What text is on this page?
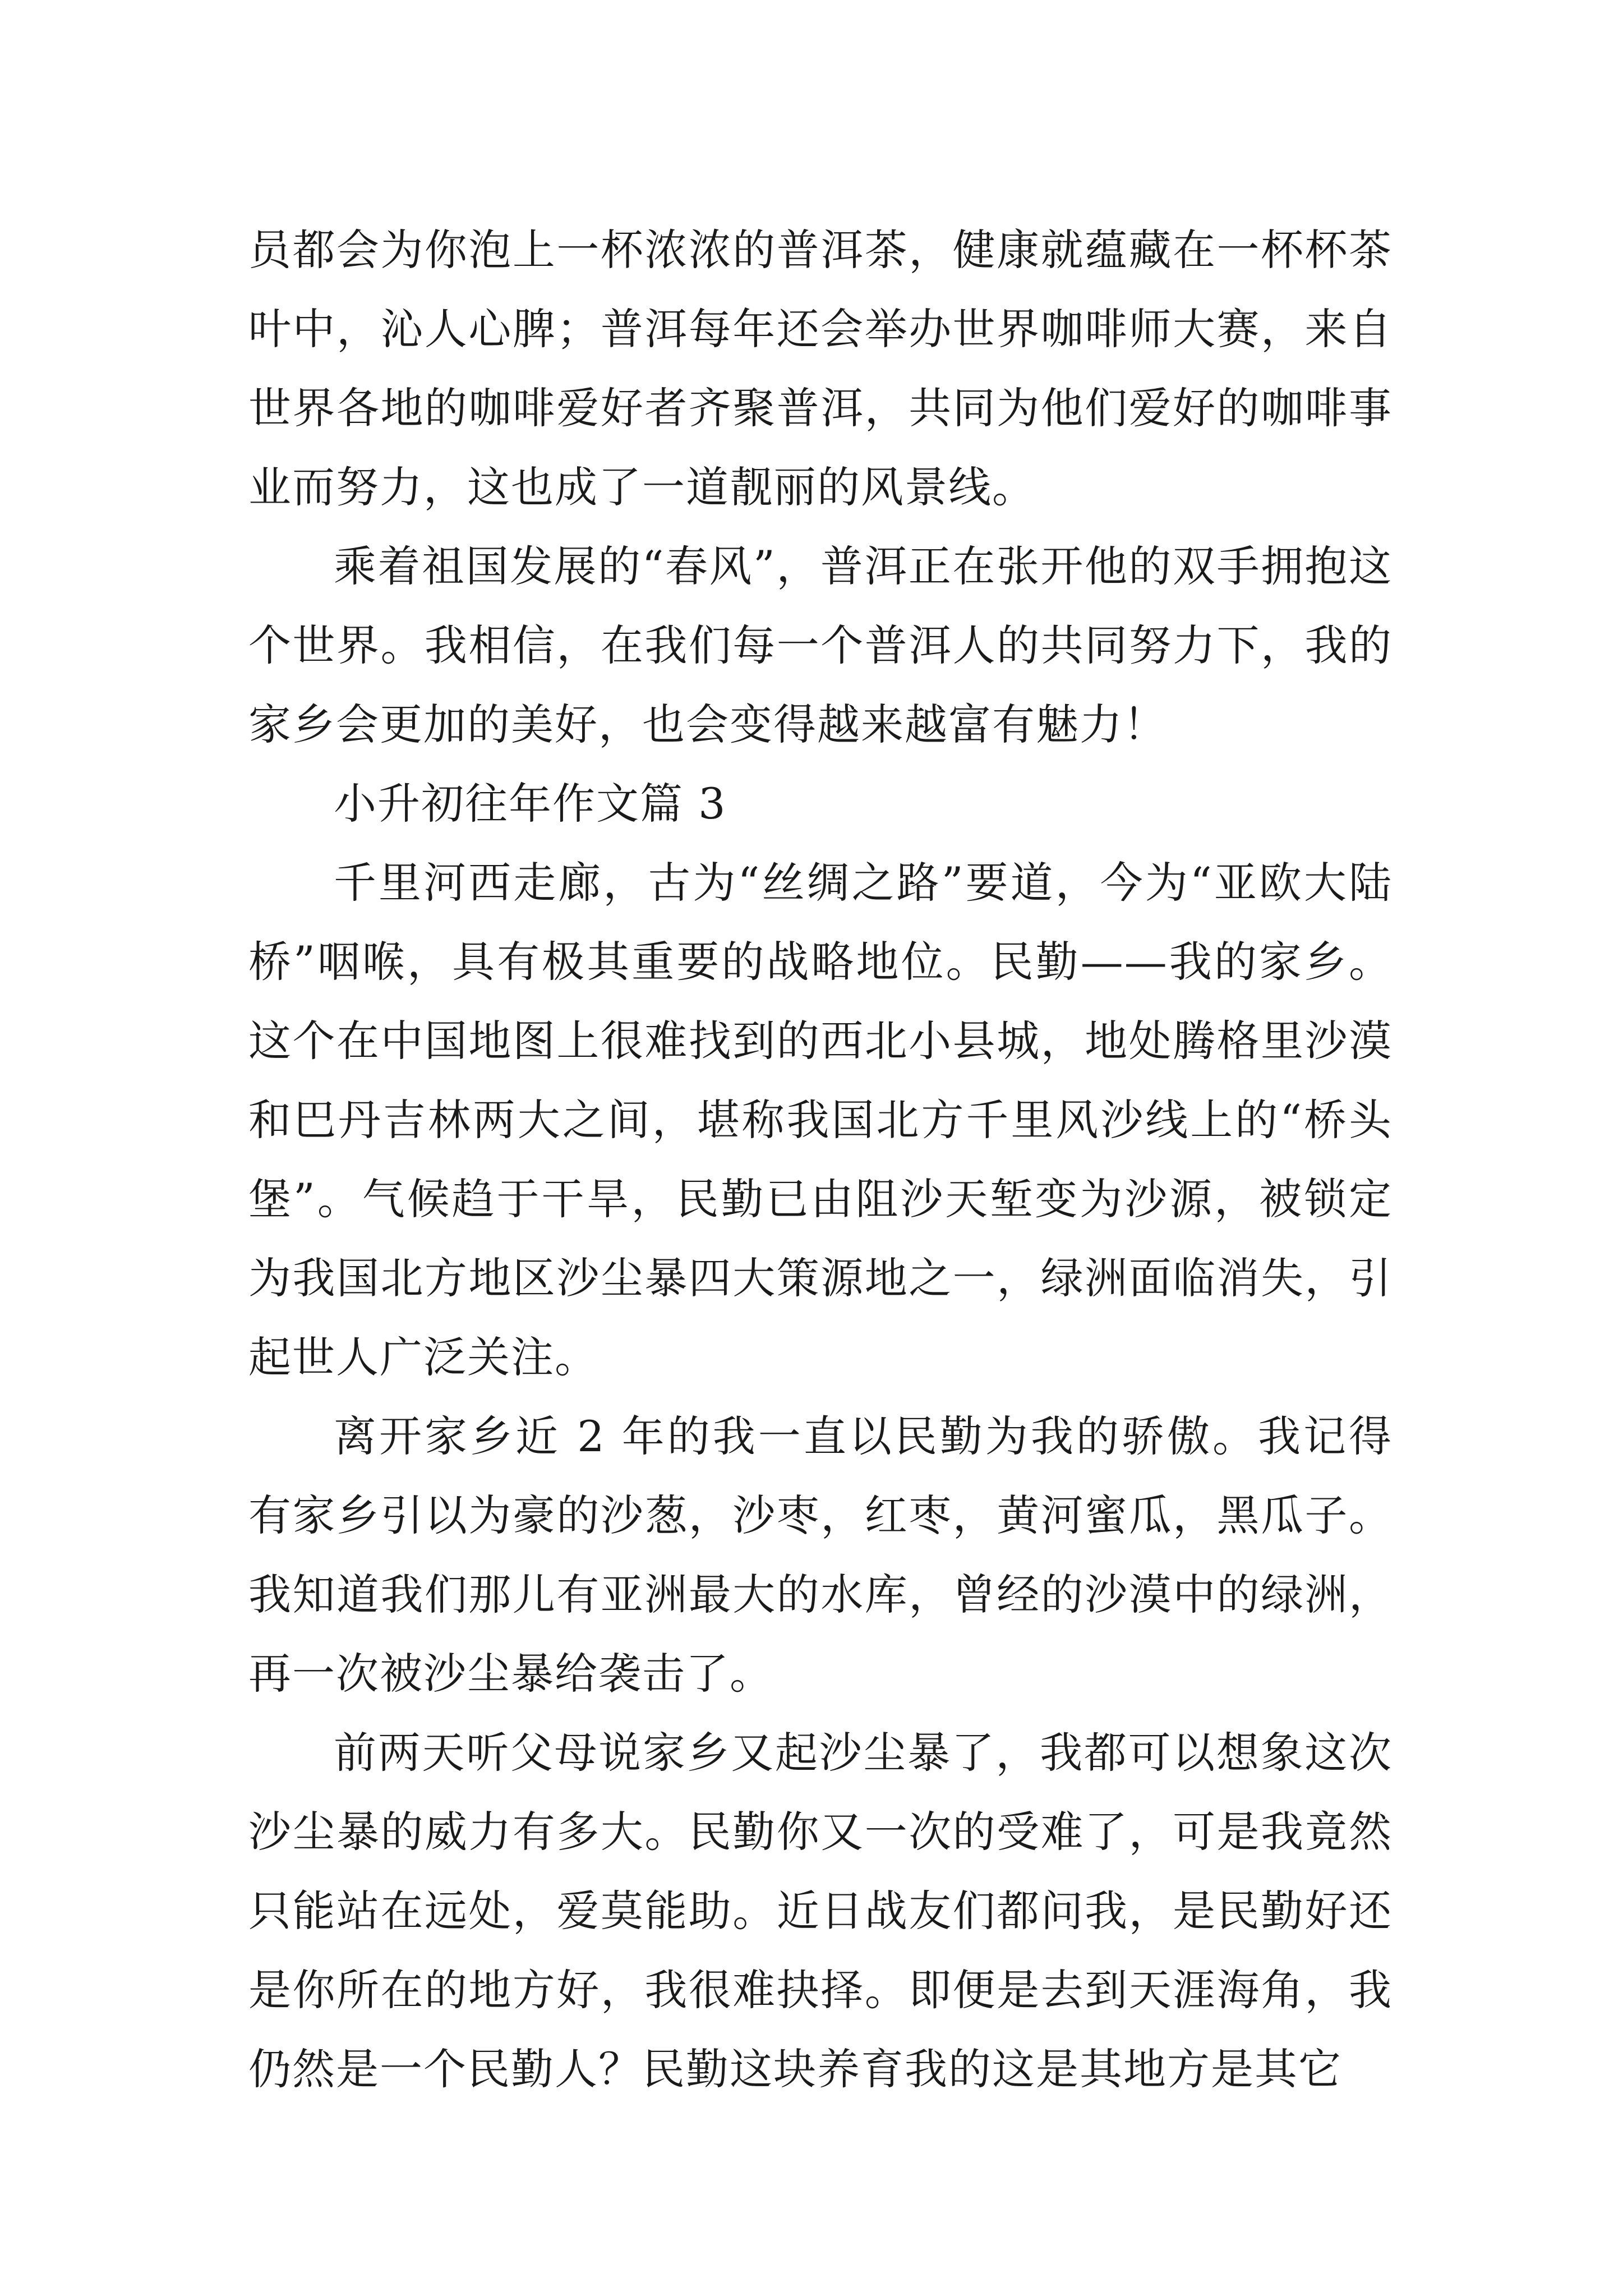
员都会为你泡上一杯浓浓的普洱茶，健康就蕴藏在一杯杯茶叶中，沁人心脾；普洱每年还会举办世界咖啡师大赛，来自世界各地的咖啡爱好者齐聚普洱，共同为他们爱好的咖啡事业而努力，这也成了一道靓丽的风景线。

乘着祖国发展的“春风”，普洱正在张开他的双手拥抱这个世界。我相信，在我们每一个普洱人的共同努力下，我的家乡会更加的美好，也会变得越来越富有魅力！

小升初往年作文篇 3

千里河西走廊，古为“丝绸之路”要道，今为“亚欧大陆桥”咽喉，具有极其重要的战略地位。民勤——我的家乡。这个在中国地图上很难找到的西北小县城，地处腾格里沙漠和巴丹吉林两大之间，堪称我国北方千里风沙线上的“桥头堡”。气候趋于干旱，民勤已由阻沙天堑变为沙源，被锁定为我国北方地区沙尘暴四大策源地之一，绿洲面临消失，引起世人广泛关注。

离开家乡近 2 年的我一直以民勤为我的骄傲。我记得有家乡引以为豪的沙葱，沙枣，红枣，黄河蜜瓜，黑瓜子。我知道我们那儿有亚洲最大的水库，曾经的沙漠中的绿洲，再一次被沙尘暴给袭击了。

前两天听父母说家乡又起沙尘暴了，我都可以想象这次沙尘暴的威力有多大。民勤你又一次的受难了，可是我竟然只能站在远处，爱莫能助。近日战友们都问我，是民勤好还是你所在的地方好，我很难抉择。即便是去到天涯海角，我仍然是一个民勤人？民勤这块养育我的这是其地方是其它
